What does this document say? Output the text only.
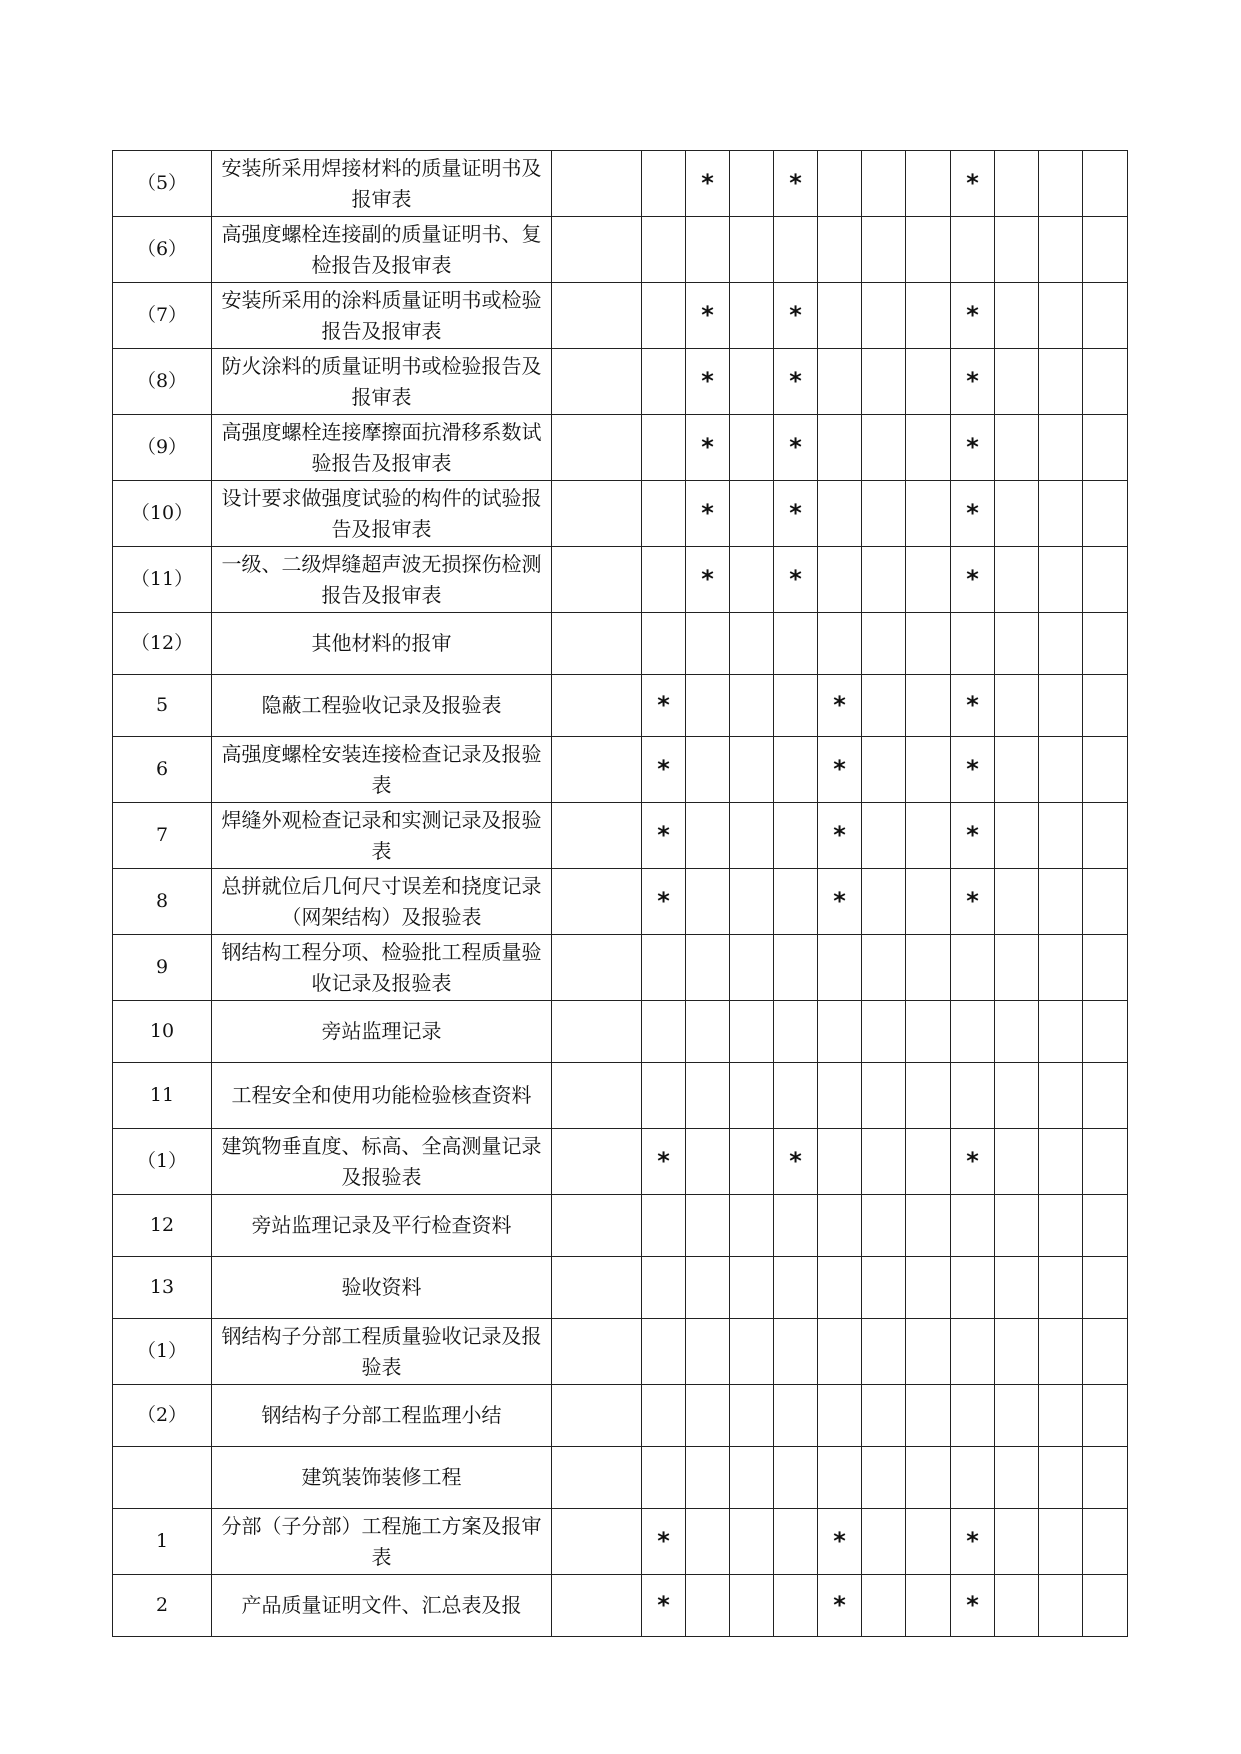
（5）	安装所采用焊接材料的质量证明书及报审表			*		*				*			
（6）	高强度螺栓连接副的质量证明书、复检报告及报审表												
（7）	安装所采用的涂料质量证明书或检验报告及报审表			*		*				*			
（8）	防火涂料的质量证明书或检验报告及报审表			*		*				*			
（9）	高强度螺栓连接摩擦面抗滑移系数试验报告及报审表			*		*				*			
（10）	设计要求做强度试验的构件的试验报告及报审表			*		*				*			
（11）	一级、二级焊缝超声波无损探伤检测报告及报审表			*		*				*			
（12）	其他材料的报审												
5	隐蔽工程验收记录及报验表		*				*			*			
6	高强度螺栓安装连接检查记录及报验表		*				*			*			
7	焊缝外观检查记录和实测记录及报验表		*				*			*			
8	总拼就位后几何尺寸误差和挠度记录（网架结构）及报验表		*				*			*			
9	钢结构工程分项、检验批工程质量验收记录及报验表												
10	旁站监理记录												
11	工程安全和使用功能检验核查资料												
（1）	建筑物垂直度、标高、全高测量记录及报验表		*			*				*			
12	旁站监理记录及平行检查资料												
13	验收资料												
（1）	钢结构子分部工程质量验收记录及报验表												
（2）	钢结构子分部工程监理小结												
	建筑装饰装修工程												
1	分部（子分部）工程施工方案及报审表		*				*			*			
2	产品质量证明文件、汇总表及报		*				*			*			
